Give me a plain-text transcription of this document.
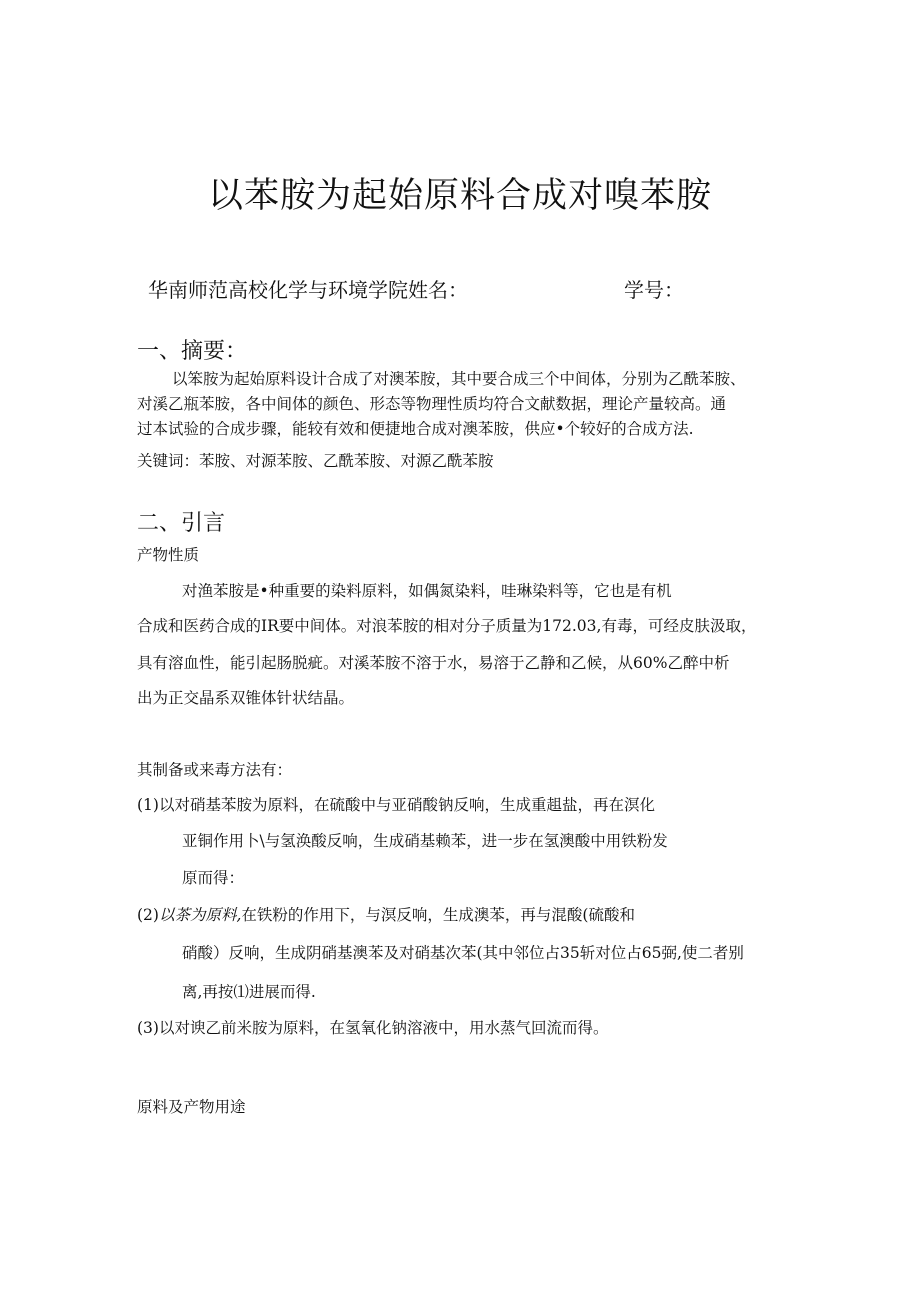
以苯胺为起始原料合成对嗅苯胺
华南师范高校化学与环境学院姓名：	学号：
一、摘要：
以笨胺为起始原料设计合成了对澳苯胺，其中要合成三个中间体，分别为乙酰苯胺、
对溪乙瓶苯胺，各中间体的颜色、形态等物理性质均符合文献数据，理论产量较高。通
过本试验的合成步骤，能较有效和便捷地合成对澳苯胺，供应•个较好的合成方法.
关键词：苯胺、对源苯胺、乙酰苯胺、对源乙酰苯胺
二、引言
产物性质
对渔苯胺是•种重要的染料原料，如偶氮染料，哇琳染料等，它也是有机
合成和医药合成的IR要中间体。对浪苯胺的相对分子质量为172.03,有毒，可经皮肤汲取，
具有溶血性，能引起肠脱疵。对溪苯胺不溶于水，易溶于乙静和乙候，从60%乙醉中析
出为正交晶系双锥体针状结晶。
其制备或来毒方法有：
(1)以对硝基苯胺为原料，在硫酸中与亚硝酸钠反响，生成重趄盐，再在溟化
亚铜作用卜\与氢涣酸反响，生成硝基赖苯，进一步在氢澳酸中用铁粉发
原而得：
(2)以茶为原料,在铁粉的作用下，与溟反响，生成澳苯，再与混酸(硫酸和
硝酸）反响，生成阴硝基澳苯及对硝基次苯(其中邻位占35斩对位占65弼,使二者别
离,再按⑴进展而得.
(3)以对谀乙前米胺为原料，在氢氧化钠溶液中，用水蒸气回流而得。
原料及产物用途
